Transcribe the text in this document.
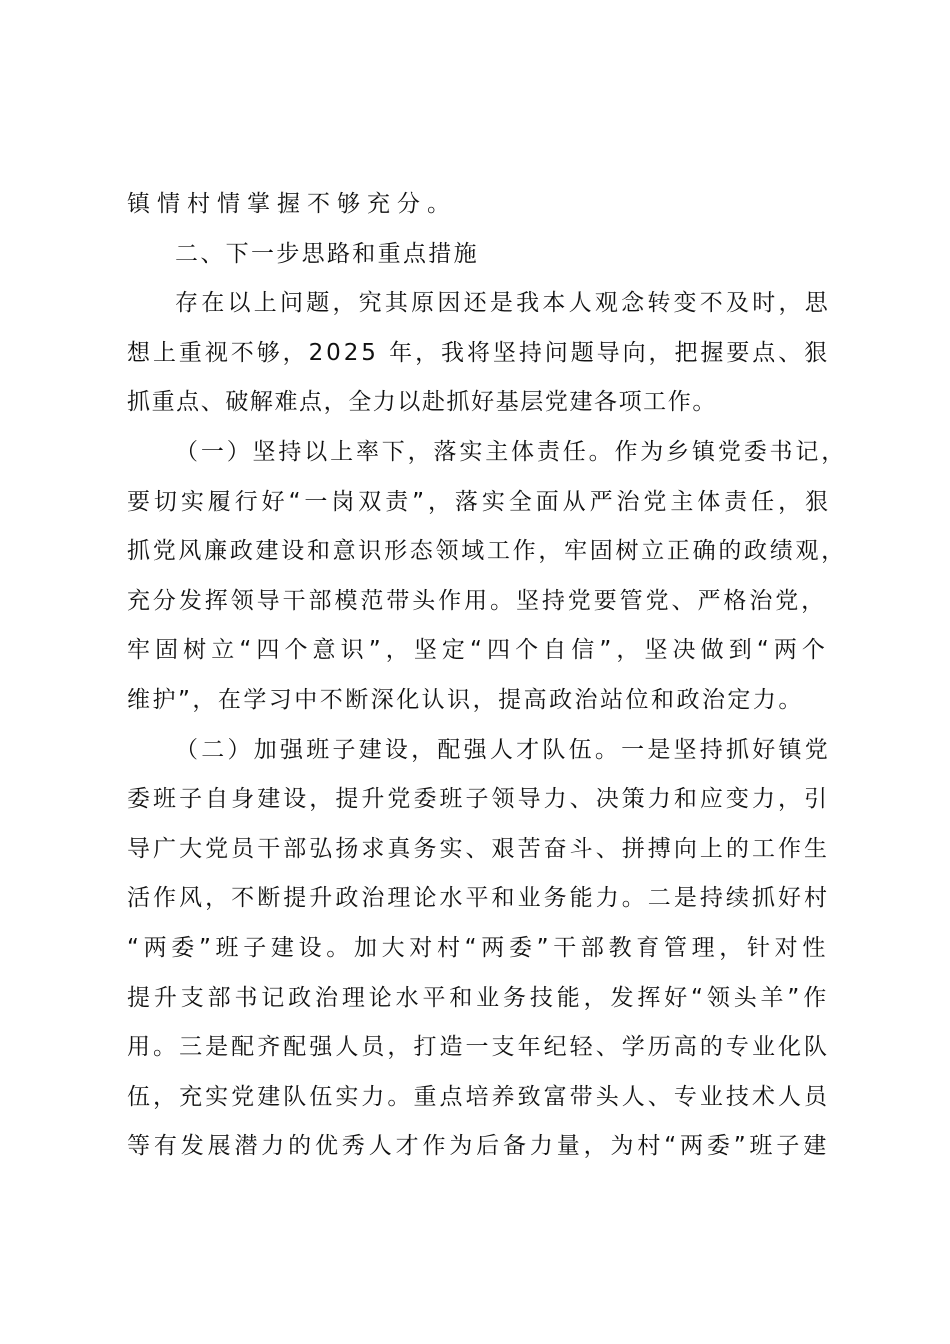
镇情村情掌握不够充分。
二、下一步思路和重点措施
存在以上问题，究其原因还是我本人观念转变不及时，思
想上重视不够，2025 年，我将坚持问题导向，把握要点、狠
抓重点、破解难点，全力以赴抓好基层党建各项工作。
（一）坚持以上率下，落实主体责任。作为乡镇党委书记，
要切实履行好“一岗双责”，落实全面从严治党主体责任，狠
抓党风廉政建设和意识形态领域工作，牢固树立正确的政绩观，
充分发挥领导干部模范带头作用。坚持党要管党、严格治党，
牢固树立“四个意识”，坚定“四个自信”，坚决做到“两个
维护”，在学习中不断深化认识，提高政治站位和政治定力。
（二）加强班子建设，配强人才队伍。一是坚持抓好镇党
委班子自身建设，提升党委班子领导力、决策力和应变力，引
导广大党员干部弘扬求真务实、艰苦奋斗、拼搏向上的工作生
活作风，不断提升政治理论水平和业务能力。二是持续抓好村
“两委”班子建设。加大对村“两委”干部教育管理，针对性
提升支部书记政治理论水平和业务技能，发挥好“领头羊”作
用。三是配齐配强人员，打造一支年纪轻、学历高的专业化队
伍，充实党建队伍实力。重点培养致富带头人、专业技术人员
等有发展潜力的优秀人才作为后备力量，为村“两委”班子建
